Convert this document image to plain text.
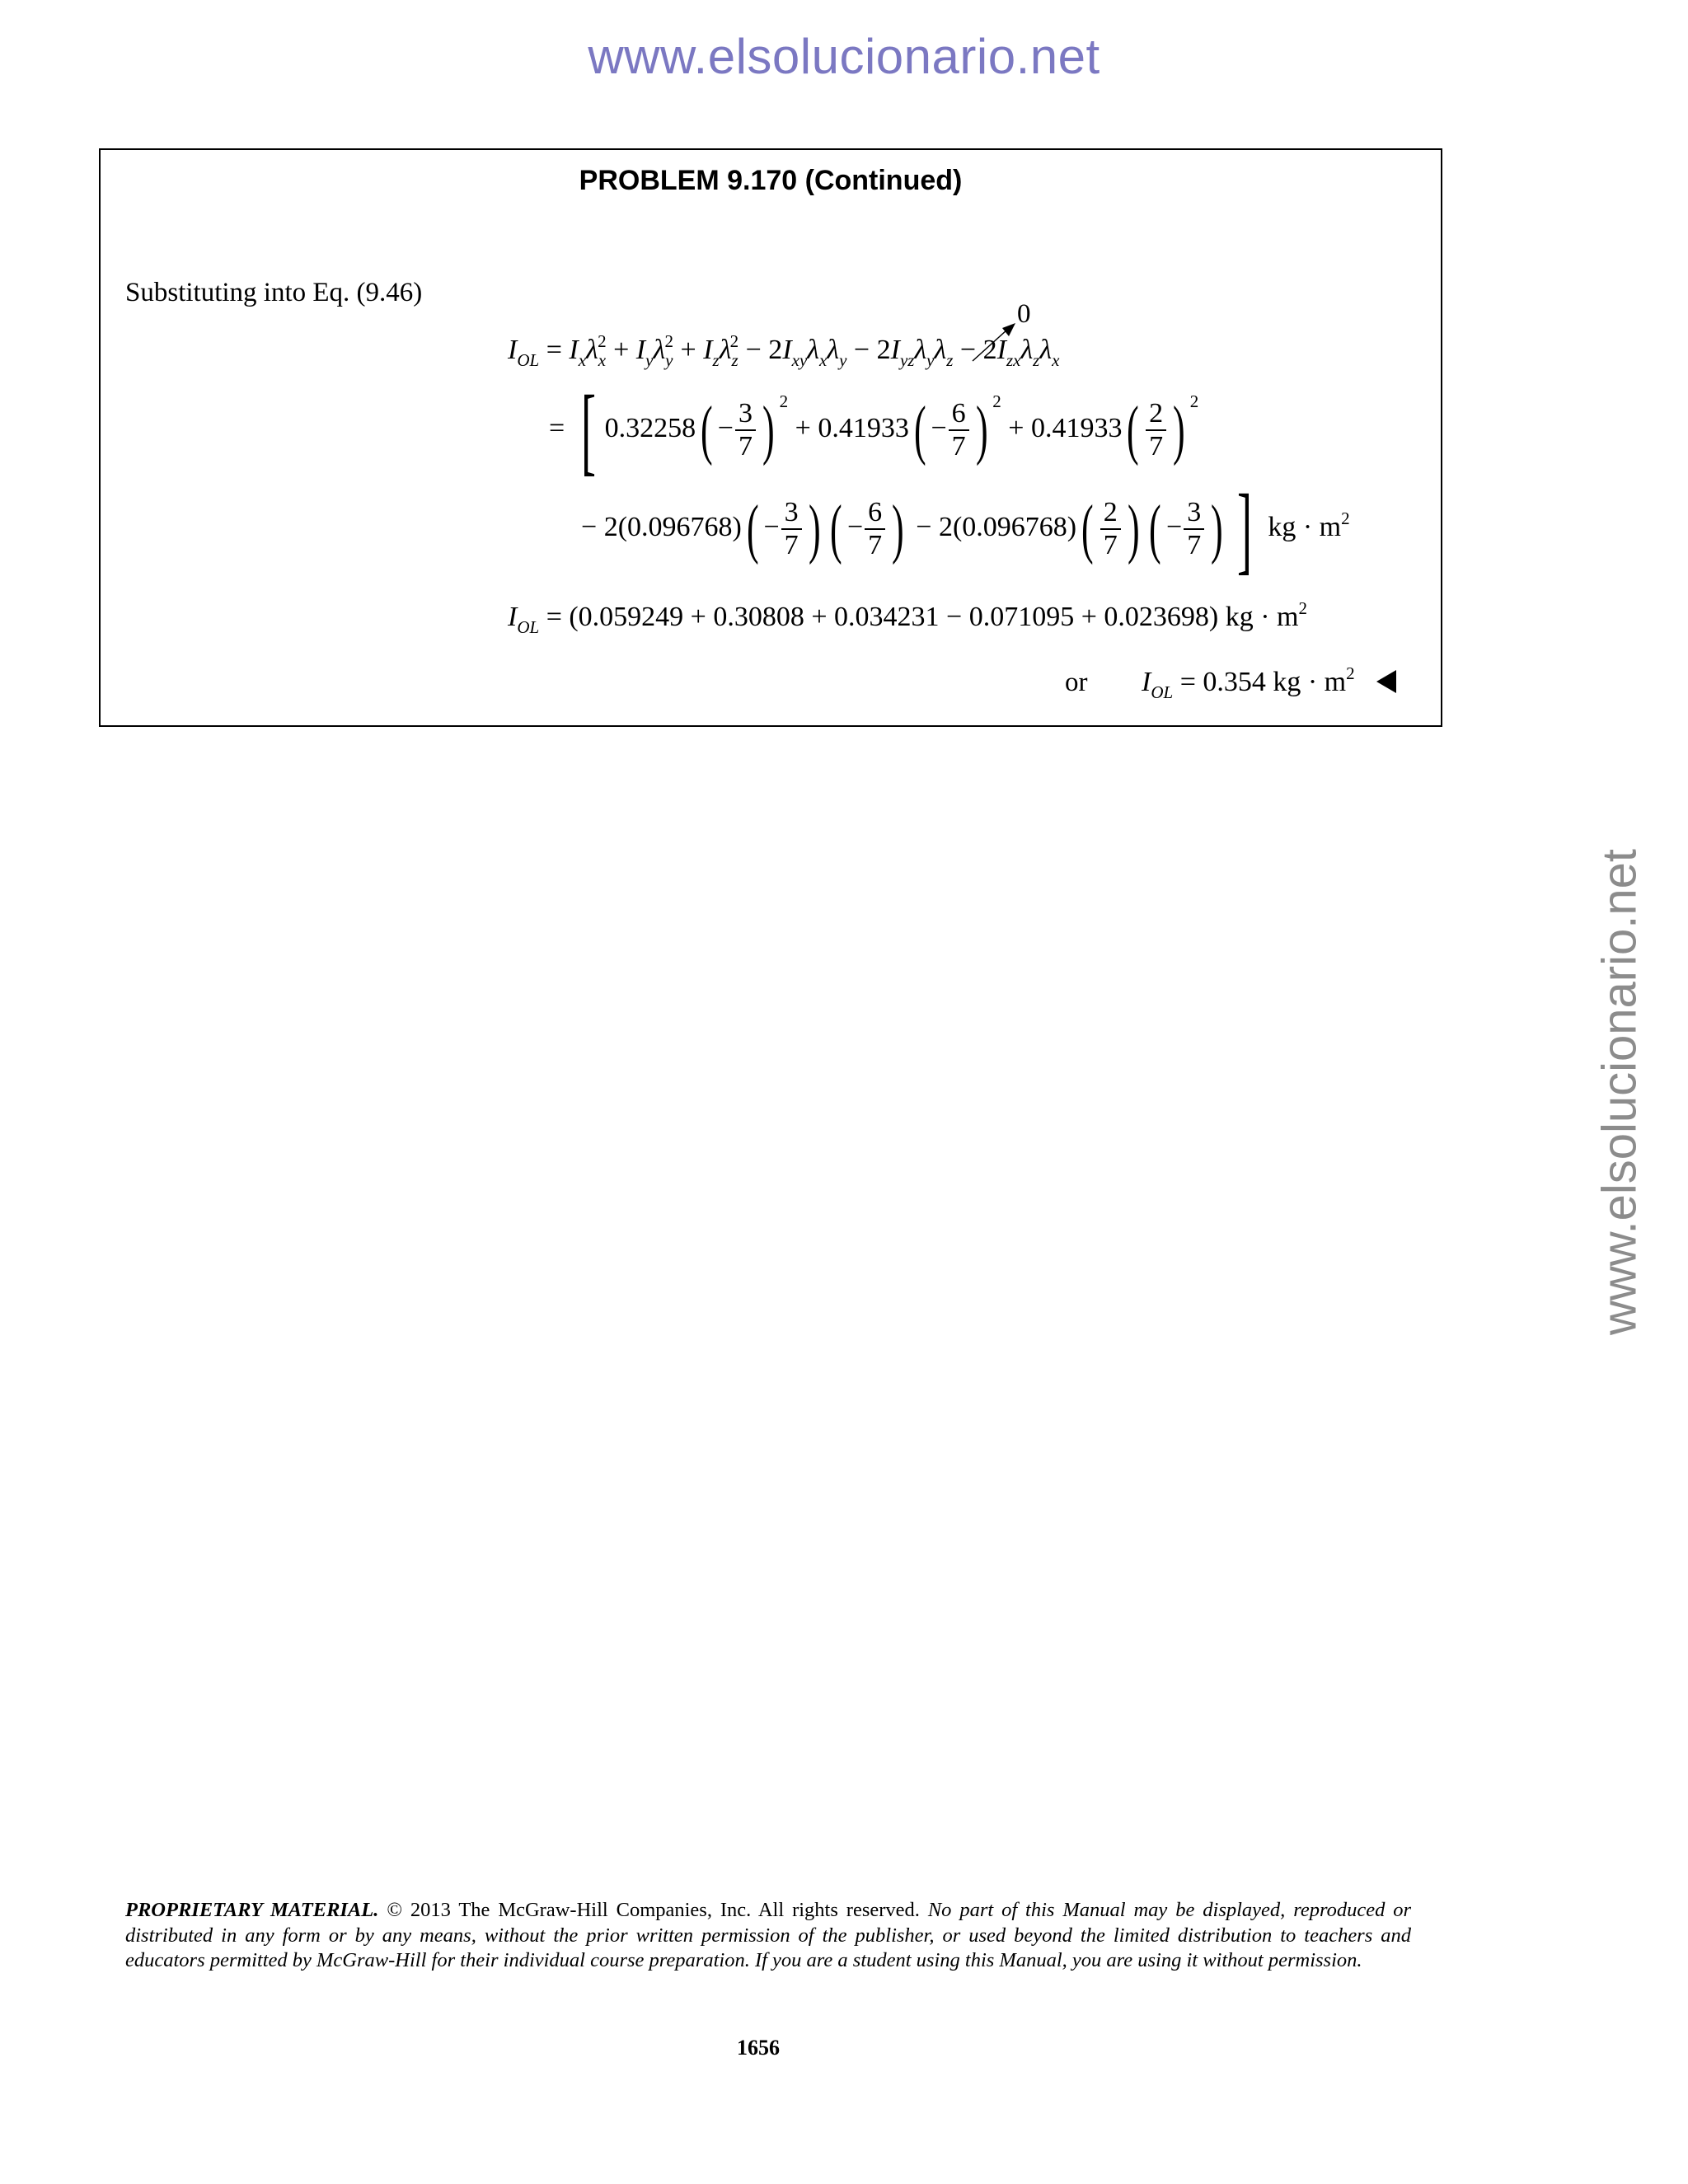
www.elsolucionario.net
www.elsolucionario.net
PROBLEM 9.170 (Continued)
Substituting into Eq. (9.46)
0
$I_{OL} = I_x\lambda_x^2 + I_y\lambda_y^2 + I_z\lambda_z^2 - 2I_{xy}\lambda_x\lambda_y - 2I_{yz}\lambda_y\lambda_z - 2I_{zx}\lambda_z\lambda_x$
= [ $0.32258( - \frac{3}{7}$ ) $^2 + 0.41933( - \frac{6}{7}$ ) $^2 + 0.41933( \frac{2}{7}$ ) $^2$
− $2(0.096768)( - \frac{3}{7}$ ) ( − $\frac{6}{7}$ ) − $2(0.096768)( \frac{2}{7}$ ) ( − $\frac{3}{7}$ ) ] kg · $m^2$
$I_{OL} = (0.059249 + 0.30808 + 0.034231 - 0.071095 + 0.023698)$ kg · $m^2$
or $I_{OL} = 0.354$ kg · $m^2$
PROPRIETARY MATERIAL. © 2013 The McGraw-Hill Companies, Inc. All rights reserved. No part of this Manual may be displayed, reproduced or distributed in any form or by any means, without the prior written permission of the publisher, or used beyond the limited distribution to teachers and educators permitted by McGraw-Hill for their individual course preparation. If you are a student using this Manual, you are using it without permission.
1656
